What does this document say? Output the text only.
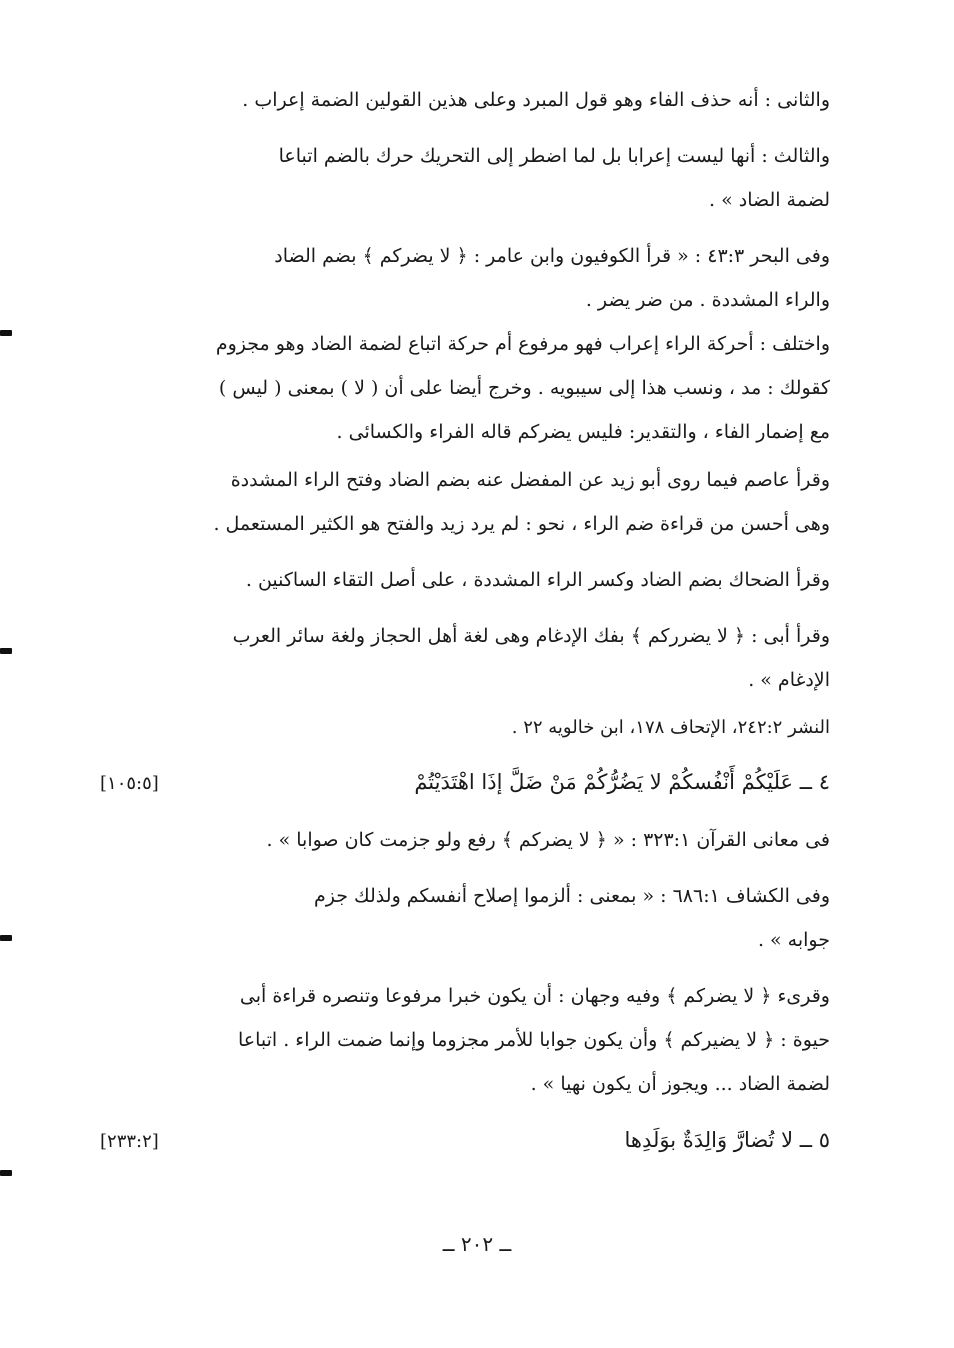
والثانى : أنه حذف الفاء وهو قول المبرد وعلى هذين القولين الضمة إعراب .

والثالث : أنها ليست إعرابا بل لما اضطر إلى التحريك حرك بالضم اتباعا
لضمة الضاد » .

وفى البحر ٤٣:٣ : « قرأ الكوفيون وابن عامر : ﴿ لا يضركم ﴾ بضم الضاد
والراء المشددة . من ضر يضر .
واختلف : أحركة الراء إعراب فهو مرفوع أم حركة اتباع لضمة الضاد وهو مجزوم
كقولك : مد ، ونسب هذا إلى سيبويه . وخرج أيضا على أن ( لا ) بمعنى ( ليس )
مع إضمار الفاء ، والتقدير: فليس يضركم قاله الفراء والكسائى .

وقرأ عاصم فيما روى أبو زيد عن المفضل عنه بضم الضاد وفتح الراء المشددة
وهى أحسن من قراءة ضم الراء ، نحو : لم يرد زيد والفتح هو الكثير المستعمل .

وقرأ الضحاك بضم الضاد وكسر الراء المشددة ، على أصل التقاء الساكنين .

وقرأ أبى : ﴿ لا يضرركم ﴾ بفك الإدغام وهى لغة أهل الحجاز ولغة سائر العرب
الإدغام » .

النشر ٢٤٢:٢، الإتحاف ١٧٨، ابن خالويه ٢٢ .

٤ ــ عَلَيْكُمْ أَنْفُسكُمْ لا يَضُرُّكُمْ مَنْ ضَلَّ إذَا اهْتَدَيْتُمْ
[١٠٥:٥]

فى معانى القرآن ٣٢٣:١ : « ﴿ لا يضركم ﴾ رفع ولو جزمت كان صوابا » .

وفى الكشاف ٦٨٦:١ : « بمعنى : ألزموا إصلاح أنفسكم ولذلك جزم
جوابه » .

وقرىء ﴿ لا يضركم ﴾ وفيه وجهان : أن يكون خبرا مرفوعا وتنصره قراءة أبى
حيوة : ﴿ لا يضيركم ﴾ وأن يكون جوابا للأمر مجزوما وإنما ضمت الراء . اتباعا
لضمة الضاد ... ويجوز أن يكون نهيا » .

٥ ــ لا تُضارَّ وَالِدَةٌ بوَلَدِها
[٢٣٣:٢]
ــ ٢٠٢ ــ
